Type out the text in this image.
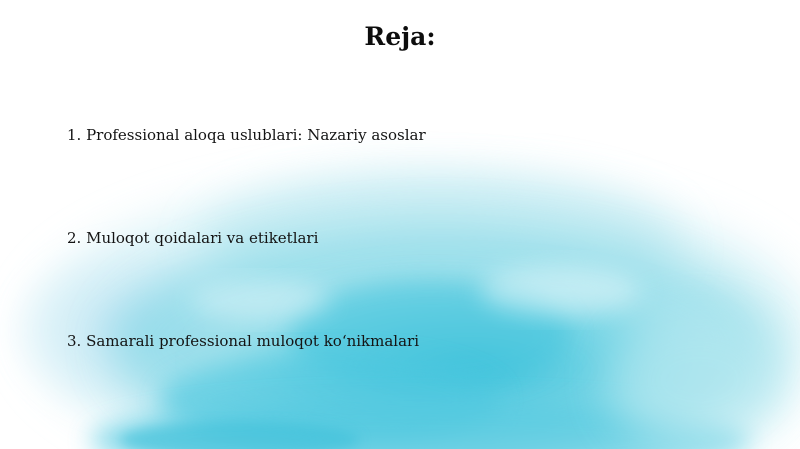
Reja:
1. Professional aloqa uslublari: Nazariy asoslar
2. Muloqot qoidalari va etiketlari
3. Samarali professional muloqot ko‘nikmalari
